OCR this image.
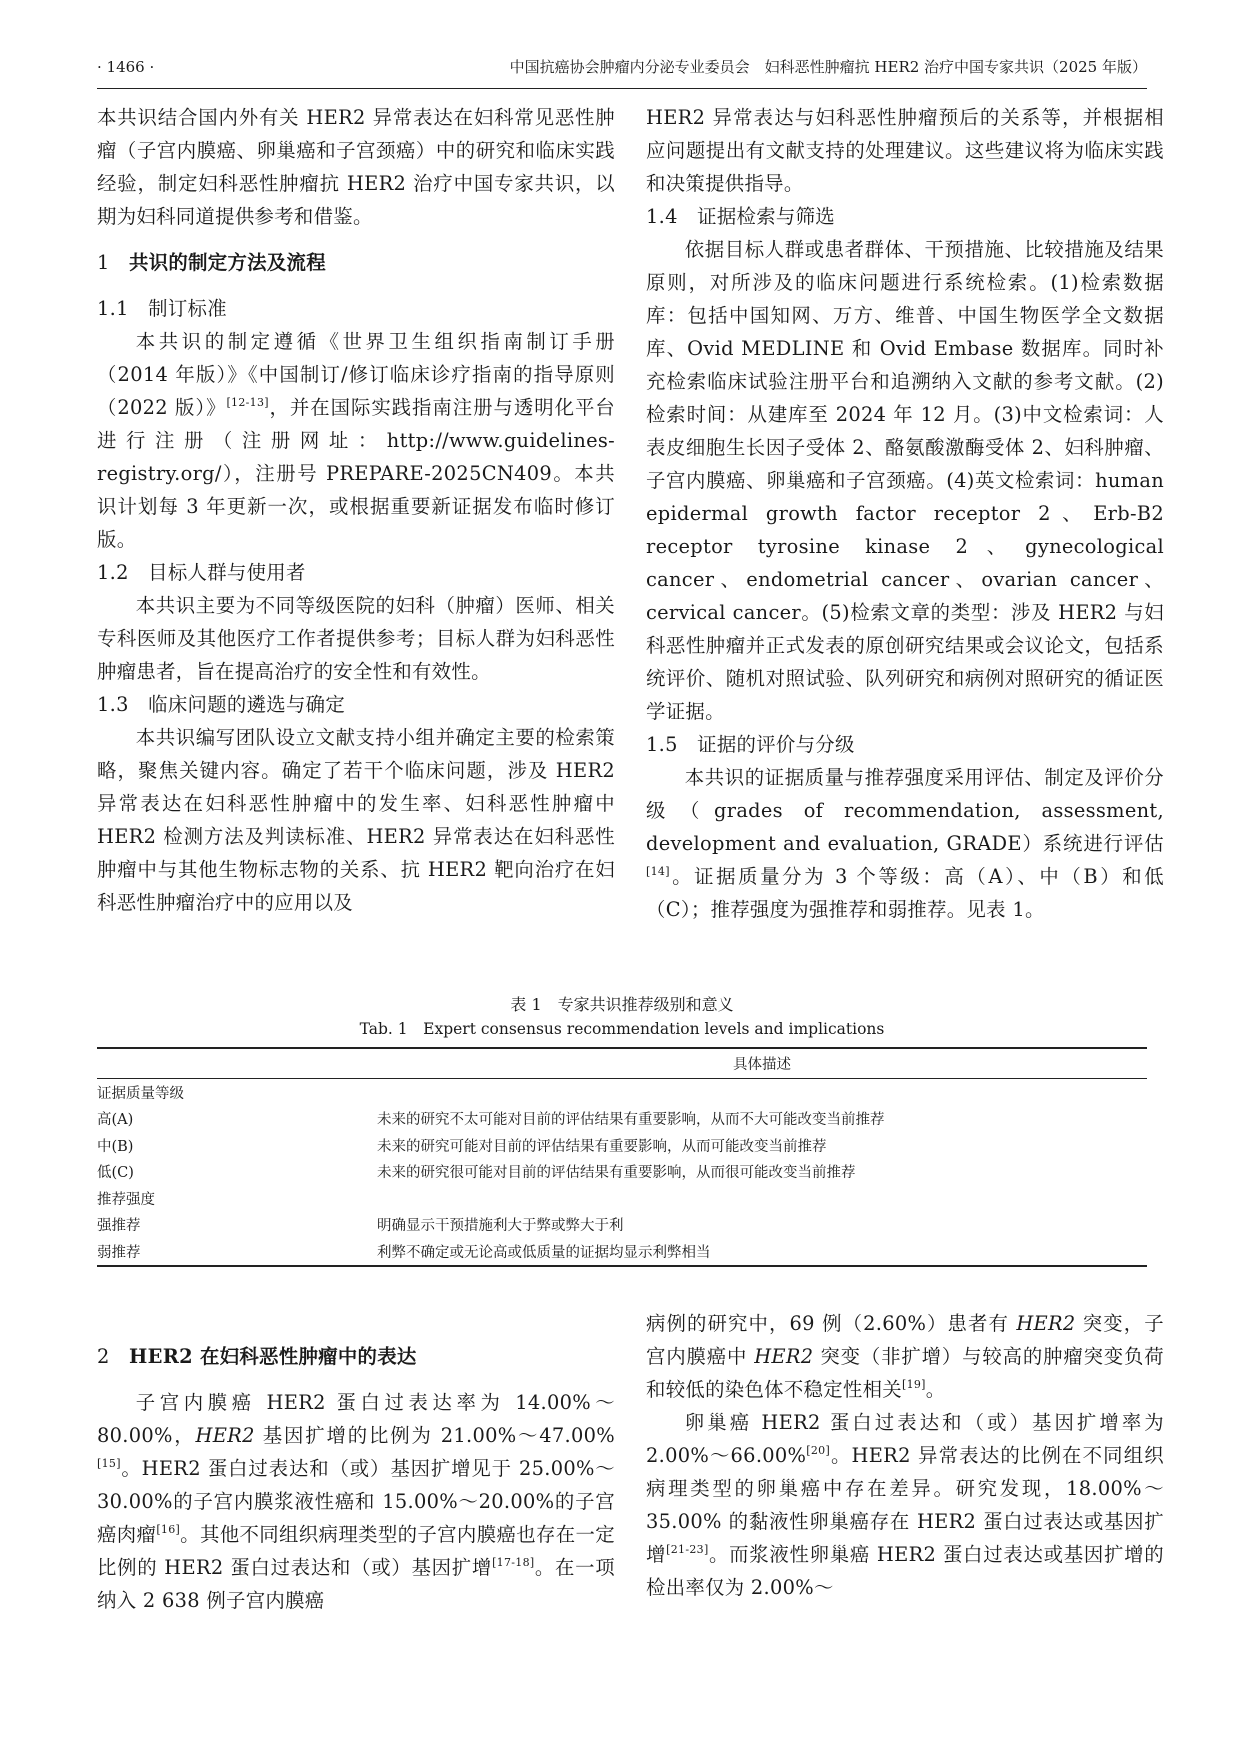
· 1466 ·	中国抗癌协会肿瘤内分泌专业委员会　妇科恶性肿瘤抗 HER2 治疗中国专家共识（2025 年版）

本共识结合国内外有关 HER2 异常表达在妇科常见恶性肿瘤（子宫内膜癌、卵巢癌和子宫颈癌）中的研究和临床实践经验，制定妇科恶性肿瘤抗 HER2 治疗中国专家共识，以期为妇科同道提供参考和借鉴。

1 共识的制定方法及流程
1.1 制订标准

本共识的制定遵循《世界卫生组织指南制订手册（2014 年版）》《中国制订/修订临床诊疗指南的指导原则（2022 版）》[12-13]，并在国际实践指南注册与透明化平台进行注册（注册网址：http://www.guidelines-registry.org/），注册号 PREPARE-2025CN409。本共识计划每 3 年更新一次，或根据重要新证据发布临时修订版。

1.2 目标人群与使用者

本共识主要为不同等级医院的妇科（肿瘤）医师、相关专科医师及其他医疗工作者提供参考；目标人群为妇科恶性肿瘤患者，旨在提高治疗的安全性和有效性。

1.3 临床问题的遴选与确定

本共识编写团队设立文献支持小组并确定主要的检索策略，聚焦关键内容。确定了若干个临床问题，涉及 HER2 异常表达在妇科恶性肿瘤中的发生率、妇科恶性肿瘤中 HER2 检测方法及判读标准、HER2 异常表达在妇科恶性肿瘤中与其他生物标志物的关系、抗 HER2 靶向治疗在妇科恶性肿瘤治疗中的应用以及

HER2 异常表达与妇科恶性肿瘤预后的关系等，并根据相应问题提出有文献支持的处理建议。这些建议将为临床实践和决策提供指导。

1.4 证据检索与筛选

依据目标人群或患者群体、干预措施、比较措施及结果原则，对所涉及的临床问题进行系统检索。(1)检索数据库：包括中国知网、万方、维普、中国生物医学全文数据库、Ovid MEDLINE 和 Ovid Embase 数据库。同时补充检索临床试验注册平台和追溯纳入文献的参考文献。(2)检索时间：从建库至 2024 年 12 月。(3)中文检索词：人表皮细胞生长因子受体 2、酪氨酸激酶受体 2、妇科肿瘤、子宫内膜癌、卵巢癌和子宫颈癌。(4)英文检索词：human epidermal growth factor receptor 2、Erb-B2 receptor tyrosine kinase 2、gynecological cancer、endometrial cancer、ovarian cancer、cervical cancer。(5)检索文章的类型：涉及 HER2 与妇科恶性肿瘤并正式发表的原创研究结果或会议论文，包括系统评价、随机对照试验、队列研究和病例对照研究的循证医学证据。

1.5 证据的评价与分级

本共识的证据质量与推荐强度采用评估、制定及评价分级（grades of recommendation, assessment, development and evaluation, GRADE）系统进行评估[14]。证据质量分为 3 个等级：高（A）、中（B）和低（C）；推荐强度为强推荐和弱推荐。见表 1。

表 1　专家共识推荐级别和意义
Tab. 1　Expert consensus recommendation levels and implications
	具体描述
证据质量等级	
高(A)	未来的研究不太可能对目前的评估结果有重要影响，从而不大可能改变当前推荐
中(B)	未来的研究可能对目前的评估结果有重要影响，从而可能改变当前推荐
低(C)	未来的研究很可能对目前的评估结果有重要影响，从而很可能改变当前推荐
推荐强度	
强推荐	明确显示干预措施利大于弊或弊大于利
弱推荐	利弊不确定或无论高或低质量的证据均显示利弊相当
2 HER2 在妇科恶性肿瘤中的表达

子宫内膜癌 HER2 蛋白过表达率为 14.00%～80.00%，HER2 基因扩增的比例为 21.00%～47.00%[15]。HER2 蛋白过表达和（或）基因扩增见于 25.00%～30.00%的子宫内膜浆液性癌和 15.00%～20.00%的子宫癌肉瘤[16]。其他不同组织病理类型的子宫内膜癌也存在一定比例的 HER2 蛋白过表达和（或）基因扩增[17-18]。在一项纳入 2 638 例子宫内膜癌

病例的研究中，69 例（2.60%）患者有 HER2 突变，子宫内膜癌中 HER2 突变（非扩增）与较高的肿瘤突变负荷和较低的染色体不稳定性相关[19]。

卵巢癌 HER2 蛋白过表达和（或）基因扩增率为 2.00%～66.00%[20]。HER2 异常表达的比例在不同组织病理类型的卵巢癌中存在差异。研究发现，18.00%～35.00% 的黏液性卵巢癌存在 HER2 蛋白过表达或基因扩增[21-23]。而浆液性卵巢癌 HER2 蛋白过表达或基因扩增的检出率仅为 2.00%～
